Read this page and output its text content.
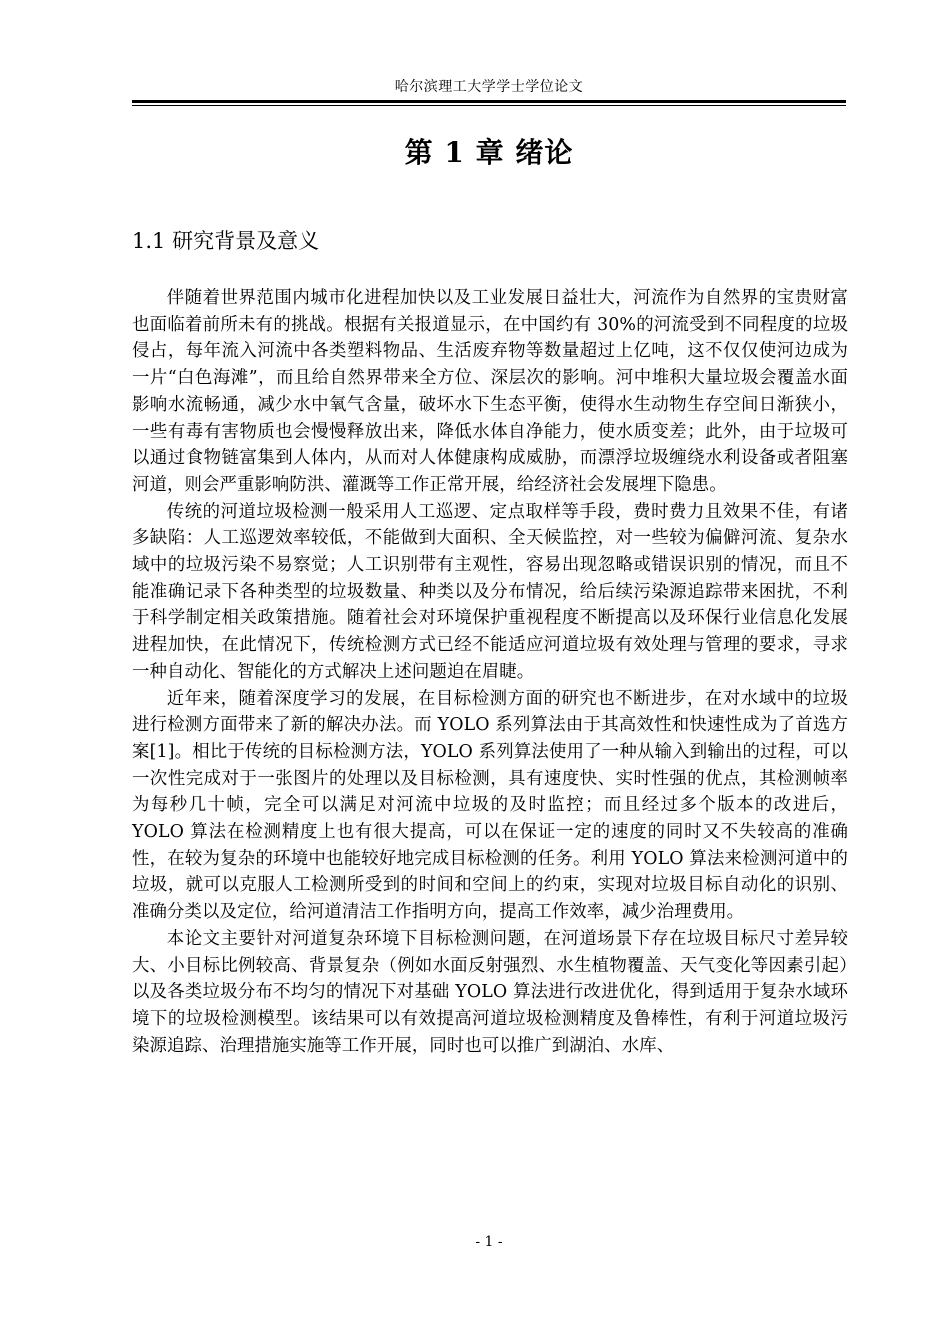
哈尔滨理工大学学士学位论文
第 1 章 绪论
1.1 研究背景及意义

伴随着世界范围内城市化进程加快以及工业发展日益壮大，河流作为自然界的宝贵财富也面临着前所未有的挑战。根据有关报道显示，在中国约有 30%的河流受到不同程度的垃圾侵占，每年流入河流中各类塑料物品、生活废弃物等数量超过上亿吨，这不仅仅使河边成为一片“白色海滩”，而且给自然界带来全方位、深层次的影响。河中堆积大量垃圾会覆盖水面影响水流畅通，减少水中氧气含量，破坏水下生态平衡，使得水生动物生存空间日渐狭小，一些有毒有害物质也会慢慢释放出来，降低水体自净能力，使水质变差；此外，由于垃圾可以通过食物链富集到人体内，从而对人体健康构成威胁，而漂浮垃圾缠绕水利设备或者阻塞河道，则会严重影响防洪、灌溉等工作正常开展，给经济社会发展埋下隐患。

传统的河道垃圾检测一般采用人工巡逻、定点取样等手段，费时费力且效果不佳，有诸多缺陷：人工巡逻效率较低，不能做到大面积、全天候监控，对一些较为偏僻河流、复杂水域中的垃圾污染不易察觉；人工识别带有主观性，容易出现忽略或错误识别的情况，而且不能准确记录下各种类型的垃圾数量、种类以及分布情况，给后续污染源追踪带来困扰，不利于科学制定相关政策措施。随着社会对环境保护重视程度不断提高以及环保行业信息化发展进程加快，在此情况下，传统检测方式已经不能适应河道垃圾有效处理与管理的要求，寻求一种自动化、智能化的方式解决上述问题迫在眉睫。

近年来，随着深度学习的发展，在目标检测方面的研究也不断进步，在对水域中的垃圾进行检测方面带来了新的解决办法。而 YOLO 系列算法由于其高效性和快速性成为了首选方案[1]。相比于传统的目标检测方法，YOLO 系列算法使用了一种从输入到输出的过程，可以一次性完成对于一张图片的处理以及目标检测，具有速度快、实时性强的优点，其检测帧率为每秒几十帧，完全可以满足对河流中垃圾的及时监控；而且经过多个版本的改进后，YOLO 算法在检测精度上也有很大提高，可以在保证一定的速度的同时又不失较高的准确性，在较为复杂的环境中也能较好地完成目标检测的任务。利用 YOLO 算法来检测河道中的垃圾，就可以克服人工检测所受到的时间和空间上的约束，实现对垃圾目标自动化的识别、准确分类以及定位，给河道清洁工作指明方向，提高工作效率，减少治理费用。

本论文主要针对河道复杂环境下目标检测问题，在河道场景下存在垃圾目标尺寸差异较大、小目标比例较高、背景复杂（例如水面反射强烈、水生植物覆盖、天气变化等因素引起）以及各类垃圾分布不均匀的情况下对基础 YOLO 算法进行改进优化，得到适用于复杂水域环境下的垃圾检测模型。该结果可以有效提高河道垃圾检测精度及鲁棒性，有利于河道垃圾污染源追踪、治理措施实施等工作开展，同时也可以推广到湖泊、水库、

- 1 -
